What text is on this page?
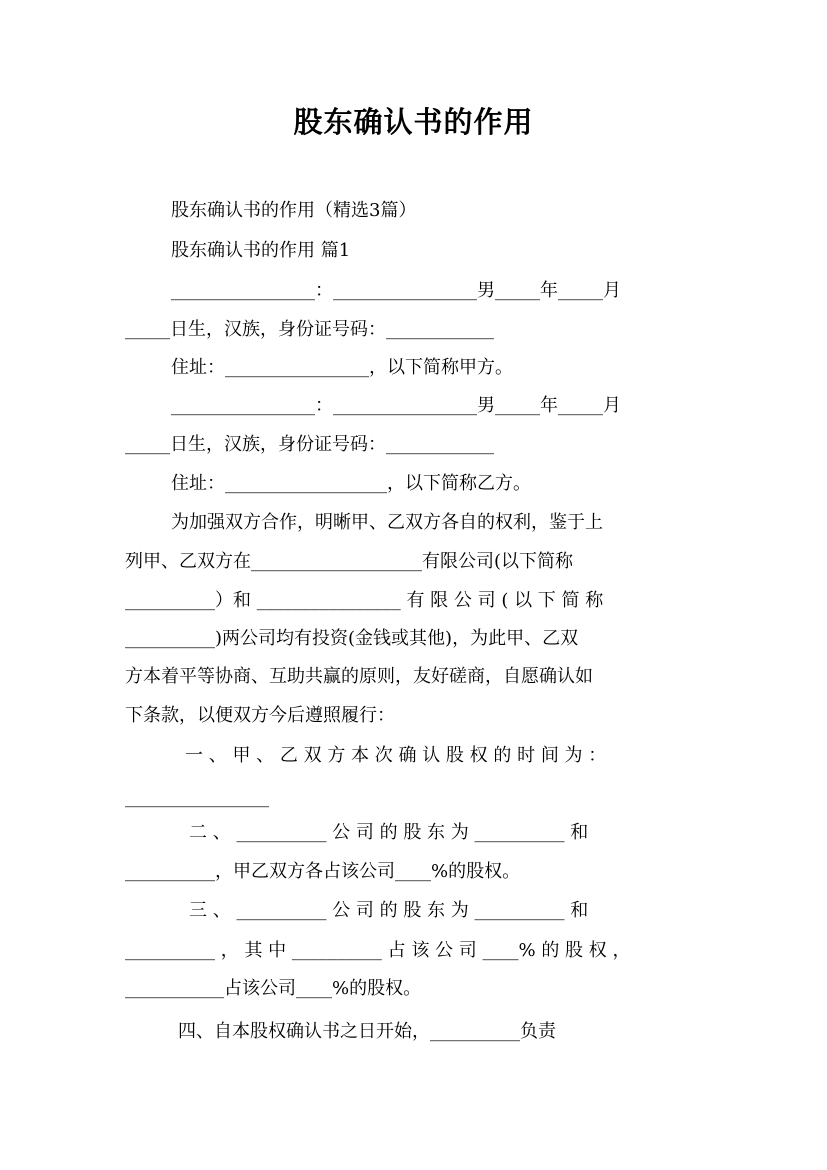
股东确认书的作用
股东确认书的作用（精选3篇）
股东确认书的作用 篇1
________________：________________男_____年_____月
_____日生，汉族，身份证号码：____________
住址：________________，以下简称甲方。
________________：________________男_____年_____月
_____日生，汉族，身份证号码：____________
住址：__________________，以下简称乙方。
为加强双方合作，明晰甲、乙双方各自的权利，鉴于上
列甲、乙双方在___________________有限公司(以下简称
__________）和 ________________ 有 限 公 司 ( 以 下 简 称
__________)两公司均有投资(金钱或其他)，为此甲、乙双
方本着平等协商、互助共赢的原则，友好磋商，自愿确认如
下条款，以便双方今后遵照履行：
一 、 甲 、 乙 双 方 本 次 确 认 股 权 的 时 间 为 ：
________________
二 、 __________ 公 司 的 股 东 为 __________ 和
__________，甲乙双方各占该公司____%的股权。
三 、 __________ 公 司 的 股 东 为 __________ 和
__________ ， 其 中 __________ 占 该 公 司 ____% 的 股 权 ，
___________占该公司____%的股权。
四、自本股权确认书之日开始，__________负责
